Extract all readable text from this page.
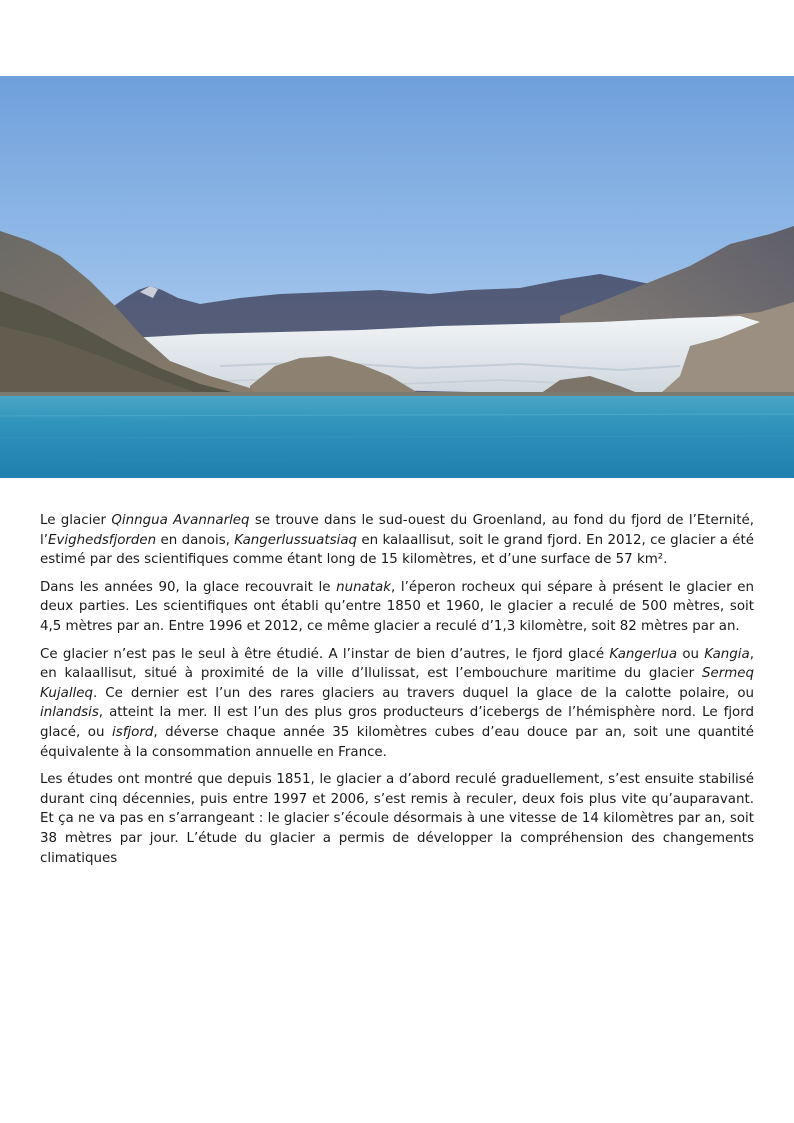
Le glacier Qinngua Avannarleq se trouve dans le sud-ouest du Groenland, au fond du fjord de l’Eternité, l’Evighedsfjorden en danois, Kangerlussuatsiaq en kalaallisut, soit le grand fjord. En 2012, ce glacier a été estimé par des scientifiques comme étant long de 15 kilomètres, et d’une surface de 57 km².

Dans les années 90, la glace recouvrait le nunatak, l’éperon rocheux qui sépare à présent le glacier en deux parties. Les scientifiques ont établi qu’entre 1850 et 1960, le glacier a reculé de 500 mètres, soit 4,5 mètres par an. Entre 1996 et 2012, ce même glacier a reculé d’1,3 kilomètre, soit 82 mètres par an.

Ce glacier n’est pas le seul à être étudié. A l’instar de bien d’autres, le fjord glacé Kangerlua ou Kangia, en kalaallisut, situé à proximité de la ville d’Ilulissat, est l’embouchure maritime du glacier Sermeq Kujalleq. Ce dernier est l’un des rares glaciers au travers duquel la glace de la calotte polaire, ou inlandsis, atteint la mer. Il est l’un des plus gros producteurs d’icebergs de l’hémisphère nord. Le fjord glacé, ou isfjord, déverse chaque année 35 kilomètres cubes d’eau douce par an, soit une quantité équivalente à la consommation annuelle en France.

Les études ont montré que depuis 1851, le glacier a d’abord reculé graduellement, s’est ensuite stabilisé durant cinq décennies, puis entre 1997 et 2006, s’est remis à reculer, deux fois plus vite qu’auparavant. Et ça ne va pas en s’arrangeant : le glacier s’écoule désormais à une vitesse de 14 kilomètres par an, soit 38 mètres par jour. L’étude du glacier a permis de développer la compréhension des changements climatiques
